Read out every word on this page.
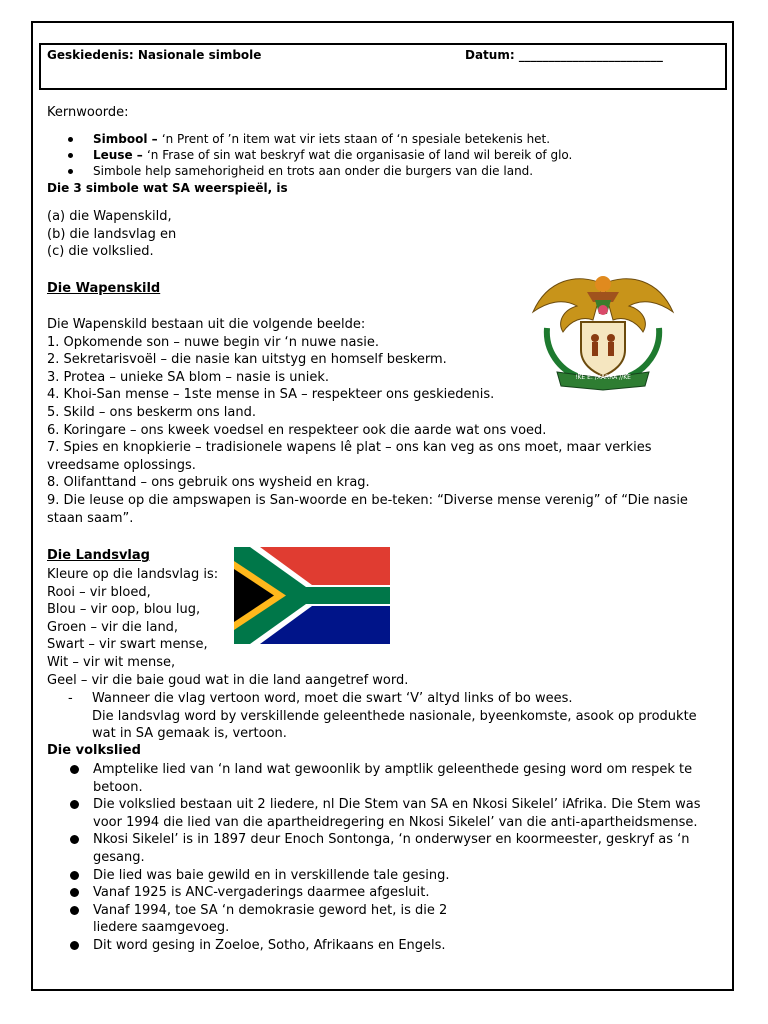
Geskiedenis: Nasionale simbole	Datum: ________________________
Kernwoorde:
Simbool – ‘n Prent of ’n item wat vir iets staan of ‘n spesiale betekenis het.
Leuse – ‘n Frase of sin wat beskryf wat die organisasie of land wil bereik of glo.
Simbole help samehorigheid en trots aan onder die burgers van die land.
Die 3 simbole wat SA weerspieël, is
(a) die Wapenskild,
(b) die landsvlag en
(c) die volkslied.
Die Wapenskild
!KE E: /XARRA //KE
Die Wapenskild bestaan uit die volgende beelde:
1. Opkomende son – nuwe begin vir ‘n nuwe nasie.
2. Sekretarisvoël – die nasie kan uitstyg en homself beskerm.
3. Protea – unieke SA blom – nasie is uniek.
4. Khoi-San mense – 1ste mense in SA – respekteer ons geskiedenis.
5. Skild – ons beskerm ons land.
6. Koringare – ons kweek voedsel en respekteer ook die aarde wat ons voed.
7. Spies en knopkierie – tradisionele wapens lê plat – ons kan veg as ons moet, maar verkies vreedsame oplossings.
8. Olifanttand – ons gebruik ons wysheid en krag.
9. Die leuse op die ampswapen is San-woorde en be-teken: “Diverse mense verenig” of “Die nasie staan saam”.
Die Landsvlag
Kleure op die landsvlag is:
Rooi – vir bloed,
Blou – vir oop, blou lug,
Groen – vir die land,
Swart – vir swart mense,
Wit – vir wit mense,
Geel – vir die baie goud wat in die land aangetref word.
- Wanneer die vlag vertoon word, moet die swart ‘V’ altyd links of bo wees.
Die landsvlag word by verskillende geleenthede nasionale, byeenkomste, asook op produkte wat in SA gemaak is, vertoon.
Die volkslied
Amptelike lied van ‘n land wat gewoonlik by amptlik geleenthede gesing word om respek te betoon.
Die volkslied bestaan uit 2 liedere, nl Die Stem van SA en Nkosi Sikelel’ iAfrika. Die Stem was voor 1994 die lied van die apartheidregering en Nkosi Sikelel’ van die anti-apartheidsmense.
Nkosi Sikelel’ is in 1897 deur Enoch Sontonga, ‘n onderwyser en koormeester, geskryf as ‘n gesang.
Die lied was baie gewild en in verskillende tale gesing.
Vanaf 1925 is ANC-vergaderings daarmee afgesluit.
Vanaf 1994, toe SA ‘n demokrasie geword het, is die 2 liedere saamgevoeg.
Dit word gesing in Zoeloe, Sotho, Afrikaans en Engels.
